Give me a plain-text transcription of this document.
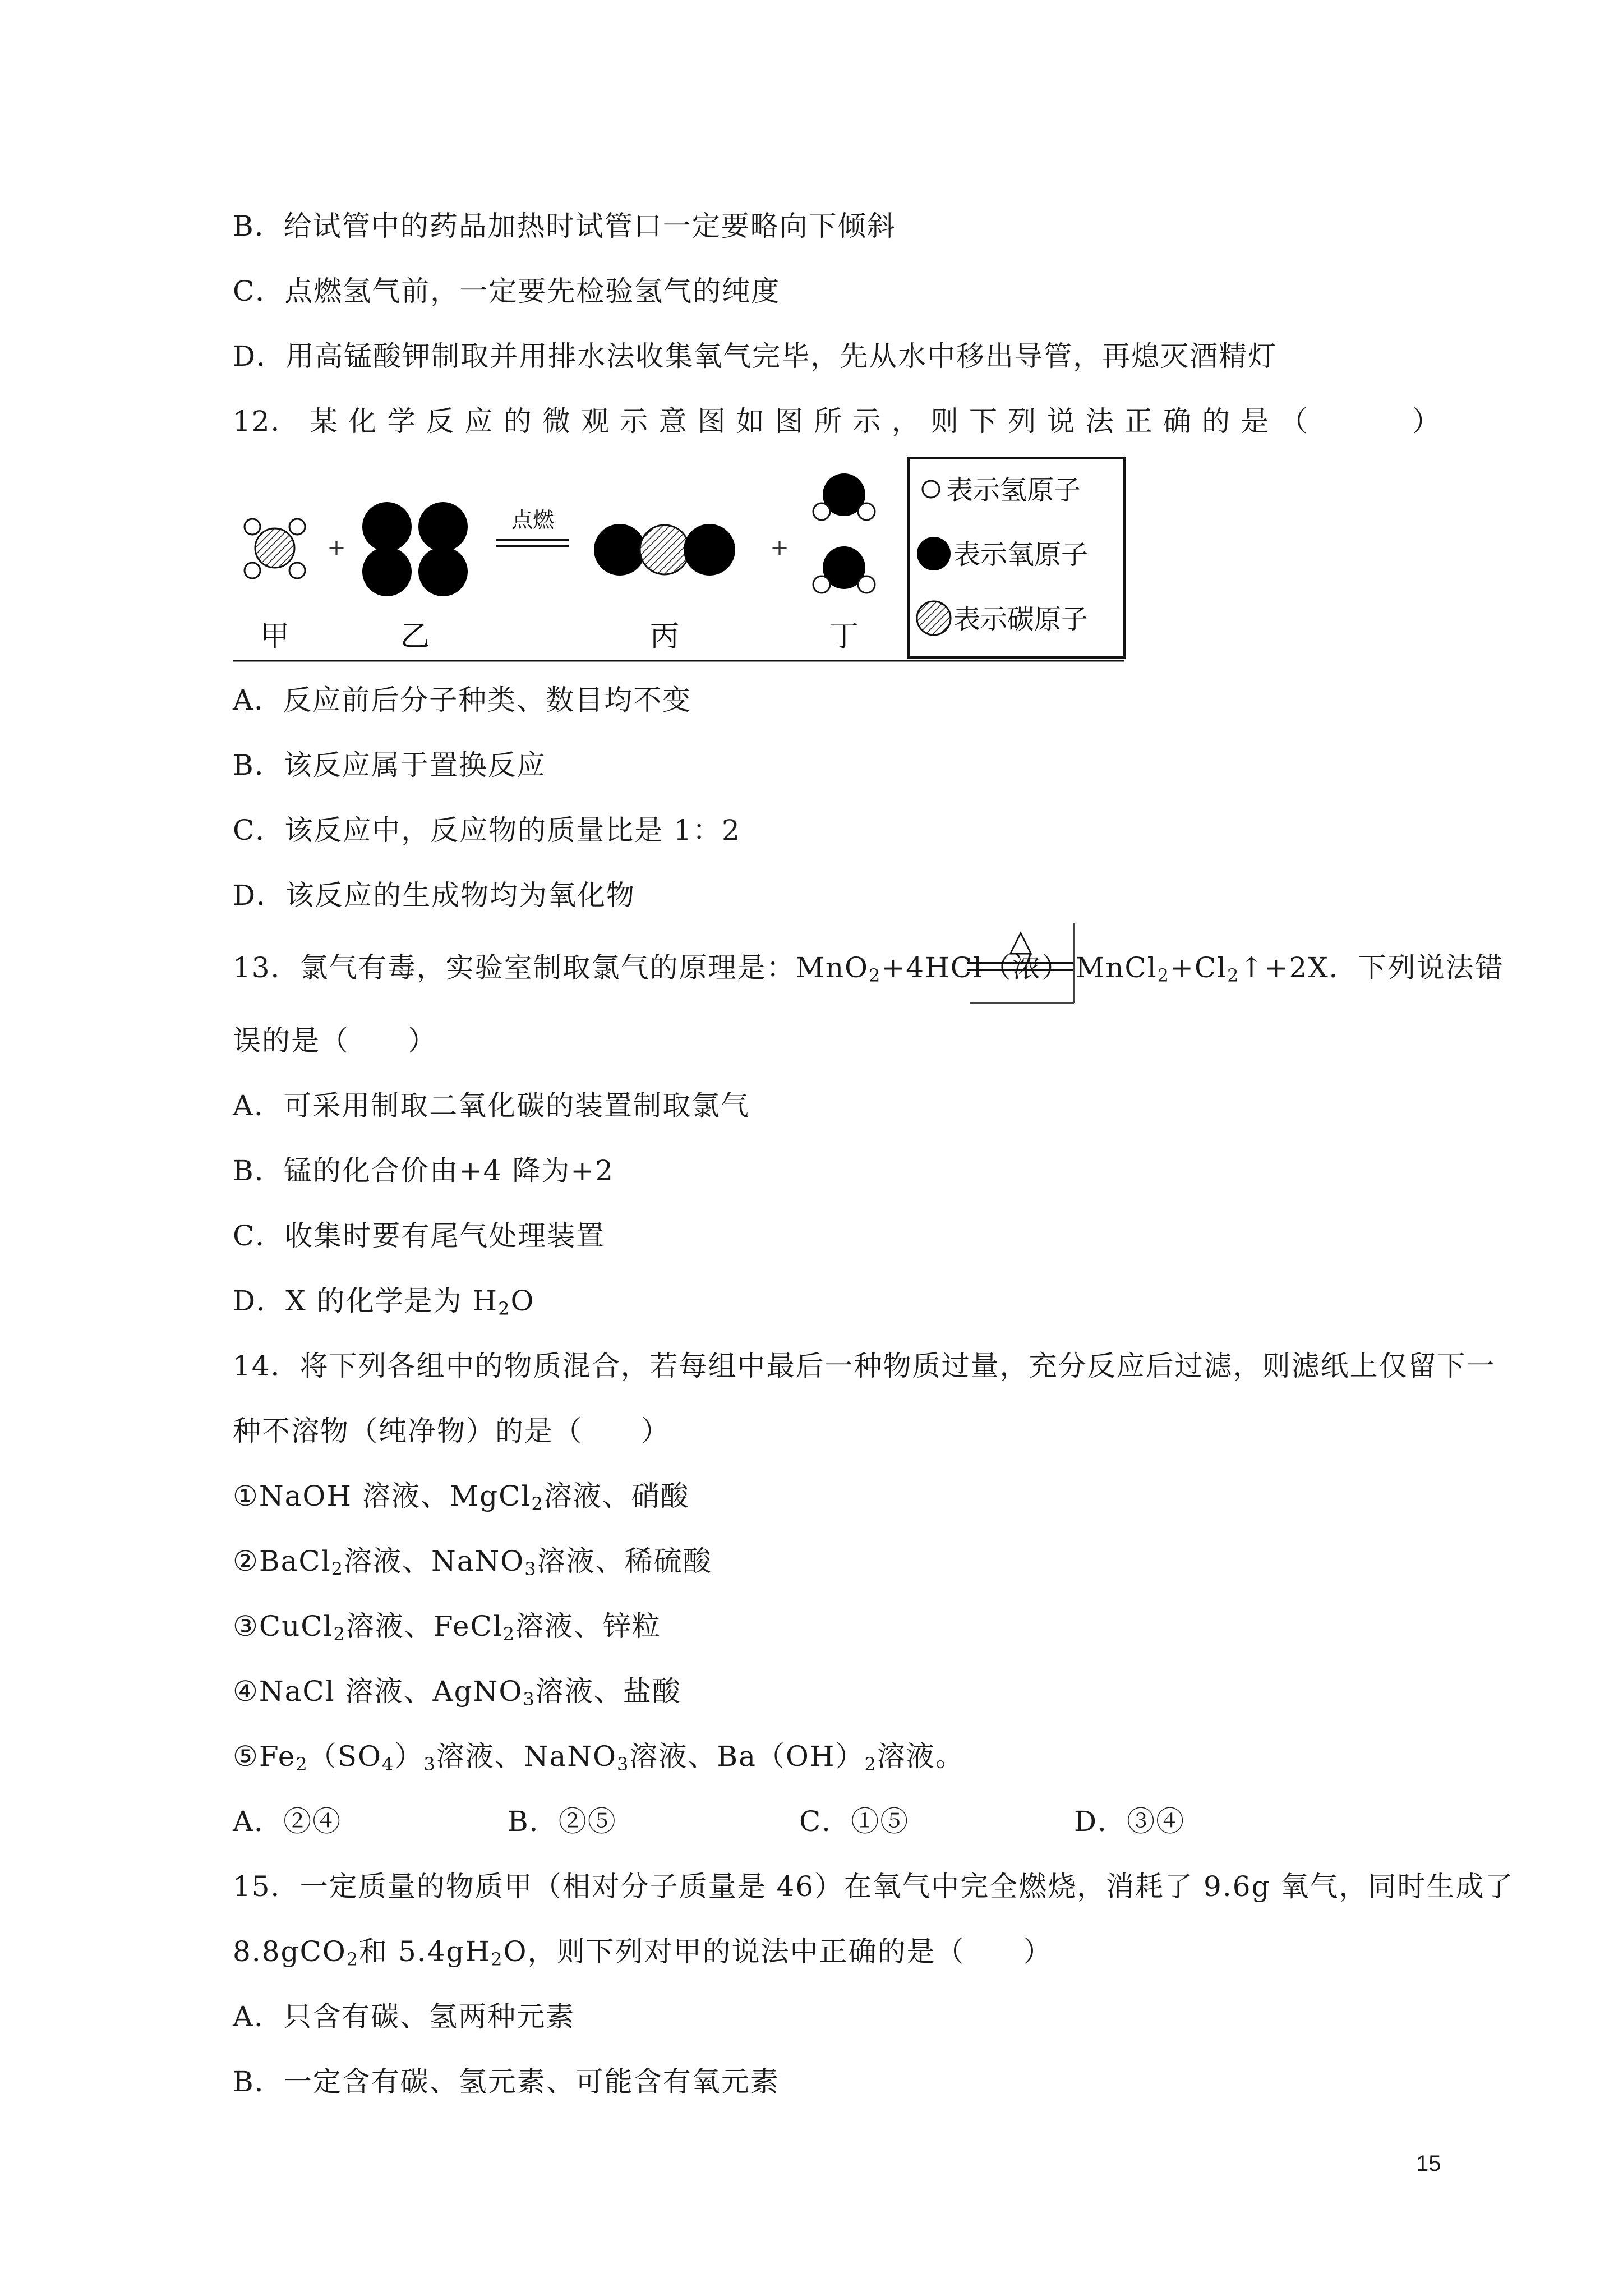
B．给试管中的药品加热时试管口一定要略向下倾斜
C．点燃氢气前，一定要先检验氢气的纯度
D．用高锰酸钾制取并用排水法收集氧气完毕，先从水中移出导管，再熄灭酒精灯
12． 某 化 学 反 应 的 微 观 示 意 图 如 图 所 示 ， 则 下 列 说 法 正 确 的 是 （	）
+
点燃
+
甲	乙	丙	丁
表示氢原子
表示氧原子
表示碳原子
A．反应前后分子种类、数目均不变
B．该反应属于置换反应
C．该反应中，反应物的质量比是 1：2
D．该反应的生成物均为氧化物
13．氯气有毒，实验室制取氯气的原理是：MnO$_2$+4HCl（浓）
△
$MnCl_2+Cl_2↑+2X$．下列说法错
误的是（　　）
A．可采用制取二氧化碳的装置制取氯气
B．锰的化合价由+4 降为+2
C．收集时要有尾气处理装置
D．X 的化学是为 $H_2O$
14．将下列各组中的物质混合，若每组中最后一种物质过量，充分反应后过滤，则滤纸上仅留下一
种不溶物（纯净物）的是（　　）
①NaOH 溶液、MgCl$_2$溶液、硝酸
②BaCl$_2$溶液、NaNO$_3$溶液、稀硫酸
③CuCl$_2$溶液、FeCl$_2$溶液、锌粒
④NaCl 溶液、AgNO$_3$溶液、盐酸
$⑤Fe_2(SO_4)_3$溶液、NaNO$_3$溶液、$Ba(OH)_2$溶液。
A．②④	B．②⑤	C．①⑤	D．③④
15．一定质量的物质甲（相对分子质量是 46）在氧气中完全燃烧，消耗了 9.6g 氧气，同时生成了
8.8gCO$_2$和 $5.4gH_2O$，则下列对甲的说法中正确的是（　　）
A．只含有碳、氢两种元素
B．一定含有碳、氢元素、可能含有氧元素
15
